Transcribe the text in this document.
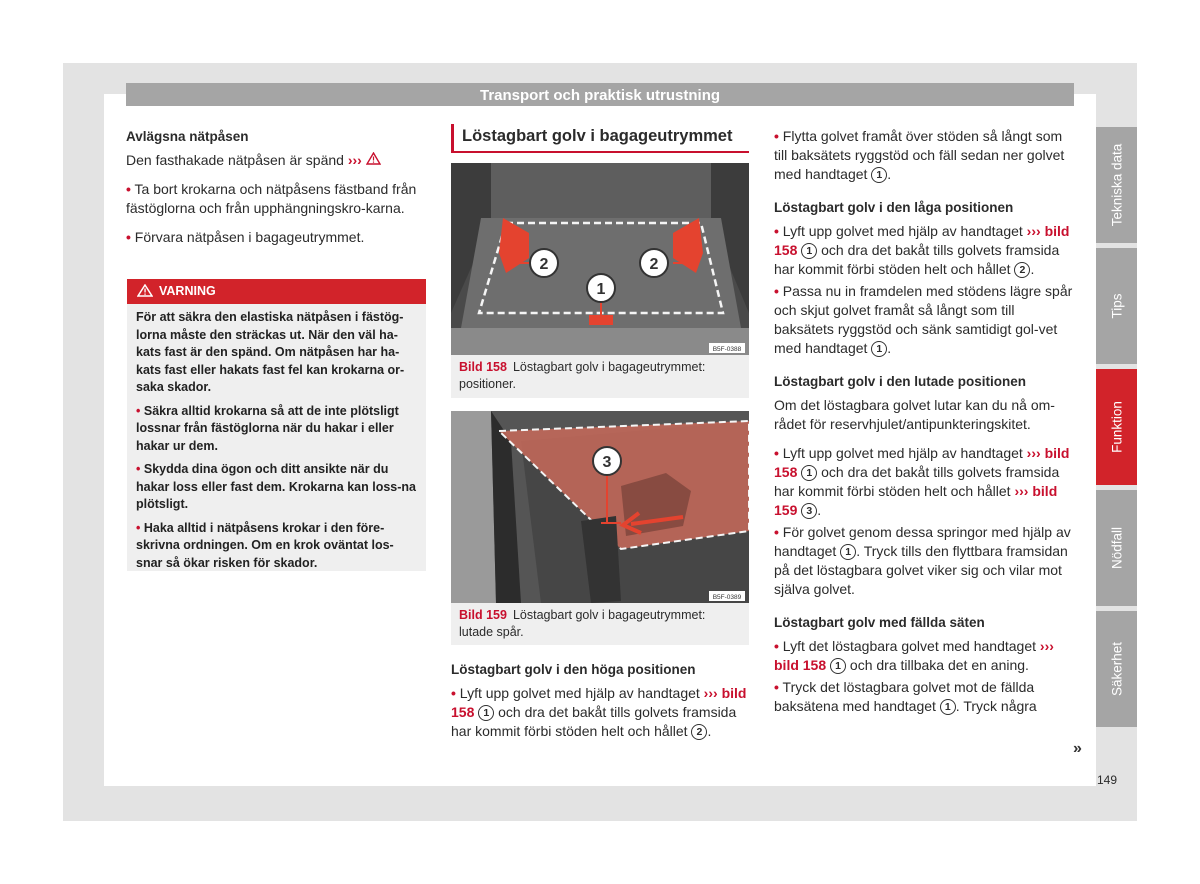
Transport och praktisk utrustning
Avlägsna nätpåsen
Den fasthakade nätpåsen är spänd ›››
• Ta bort krokarna och nätpåsens fästband från fästöglorna och från upphängningskro-karna.
• Förvara nätpåsen i bagageutrymmet.
VARNING
För att säkra den elastiska nätpåsen i fästög-lorna måste den sträckas ut. När den väl ha-kats fast är den spänd. Om nätpåsen har ha-kats fast eller hakats fast fel kan krokarna or-saka skador.
• Säkra alltid krokarna så att de inte plötsligt lossnar från fästöglorna när du hakar i eller hakar ur dem.
• Skydda dina ögon och ditt ansikte när du hakar loss eller fast dem. Krokarna kan loss-na plötsligt.
• Haka alltid i nätpåsens krokar i den före-skrivna ordningen. Om en krok oväntat los-snar så ökar risken för skador.
Löstagbart golv i bagageutrymmet
2	2
1
B5F-0388
Bild 158 Löstagbart golv i bagageutrymmet: positioner.
3
B5F-0389
Bild 159 Löstagbart golv i bagageutrymmet: lutade spår.
Löstagbart golv i den höga positionen
• Lyft upp golvet med hjälp av handtaget ››› bild 158 1 och dra det bakåt tills golvets framsida har kommit förbi stöden helt och hållet 2 .
• Flytta golvet framåt över stöden så långt som till baksätets ryggstöd och fäll sedan ner golvet med handtaget 1 .
Löstagbart golv i den låga positionen
• Lyft upp golvet med hjälp av handtaget ››› bild 158 1 och dra det bakåt tills golvets framsida har kommit förbi stöden helt och hållet 2 .
• Passa nu in framdelen med stödens lägre spår och skjut golvet framåt så långt som till baksätets ryggstöd och sänk samtidigt gol-vet med handtaget 1 .
Löstagbart golv i den lutade positionen
Om det löstagbara golvet lutar kan du nå om-rådet för reservhjulet/antipunkteringskitet.
• Lyft upp golvet med hjälp av handtaget ››› bild 158 1 och dra det bakåt tills golvets framsida har kommit förbi stöden helt och hållet ››› bild 159 3 .
• För golvet genom dessa springor med hjälp av handtaget 1 . Tryck tills den flyttbara framsidan på det löstagbara golvet viker sig och vilar mot själva golvet.
Löstagbart golv med fällda säten
• Lyft det löstagbara golvet med handtaget ››› bild 158 1 och dra tillbaka det en aning.
• Tryck det löstagbara golvet mot de fällda baksätena med handtaget 1 . Tryck några
»
Tekniska data
Tips
Funktion
Nödfall
Säkerhet
149
